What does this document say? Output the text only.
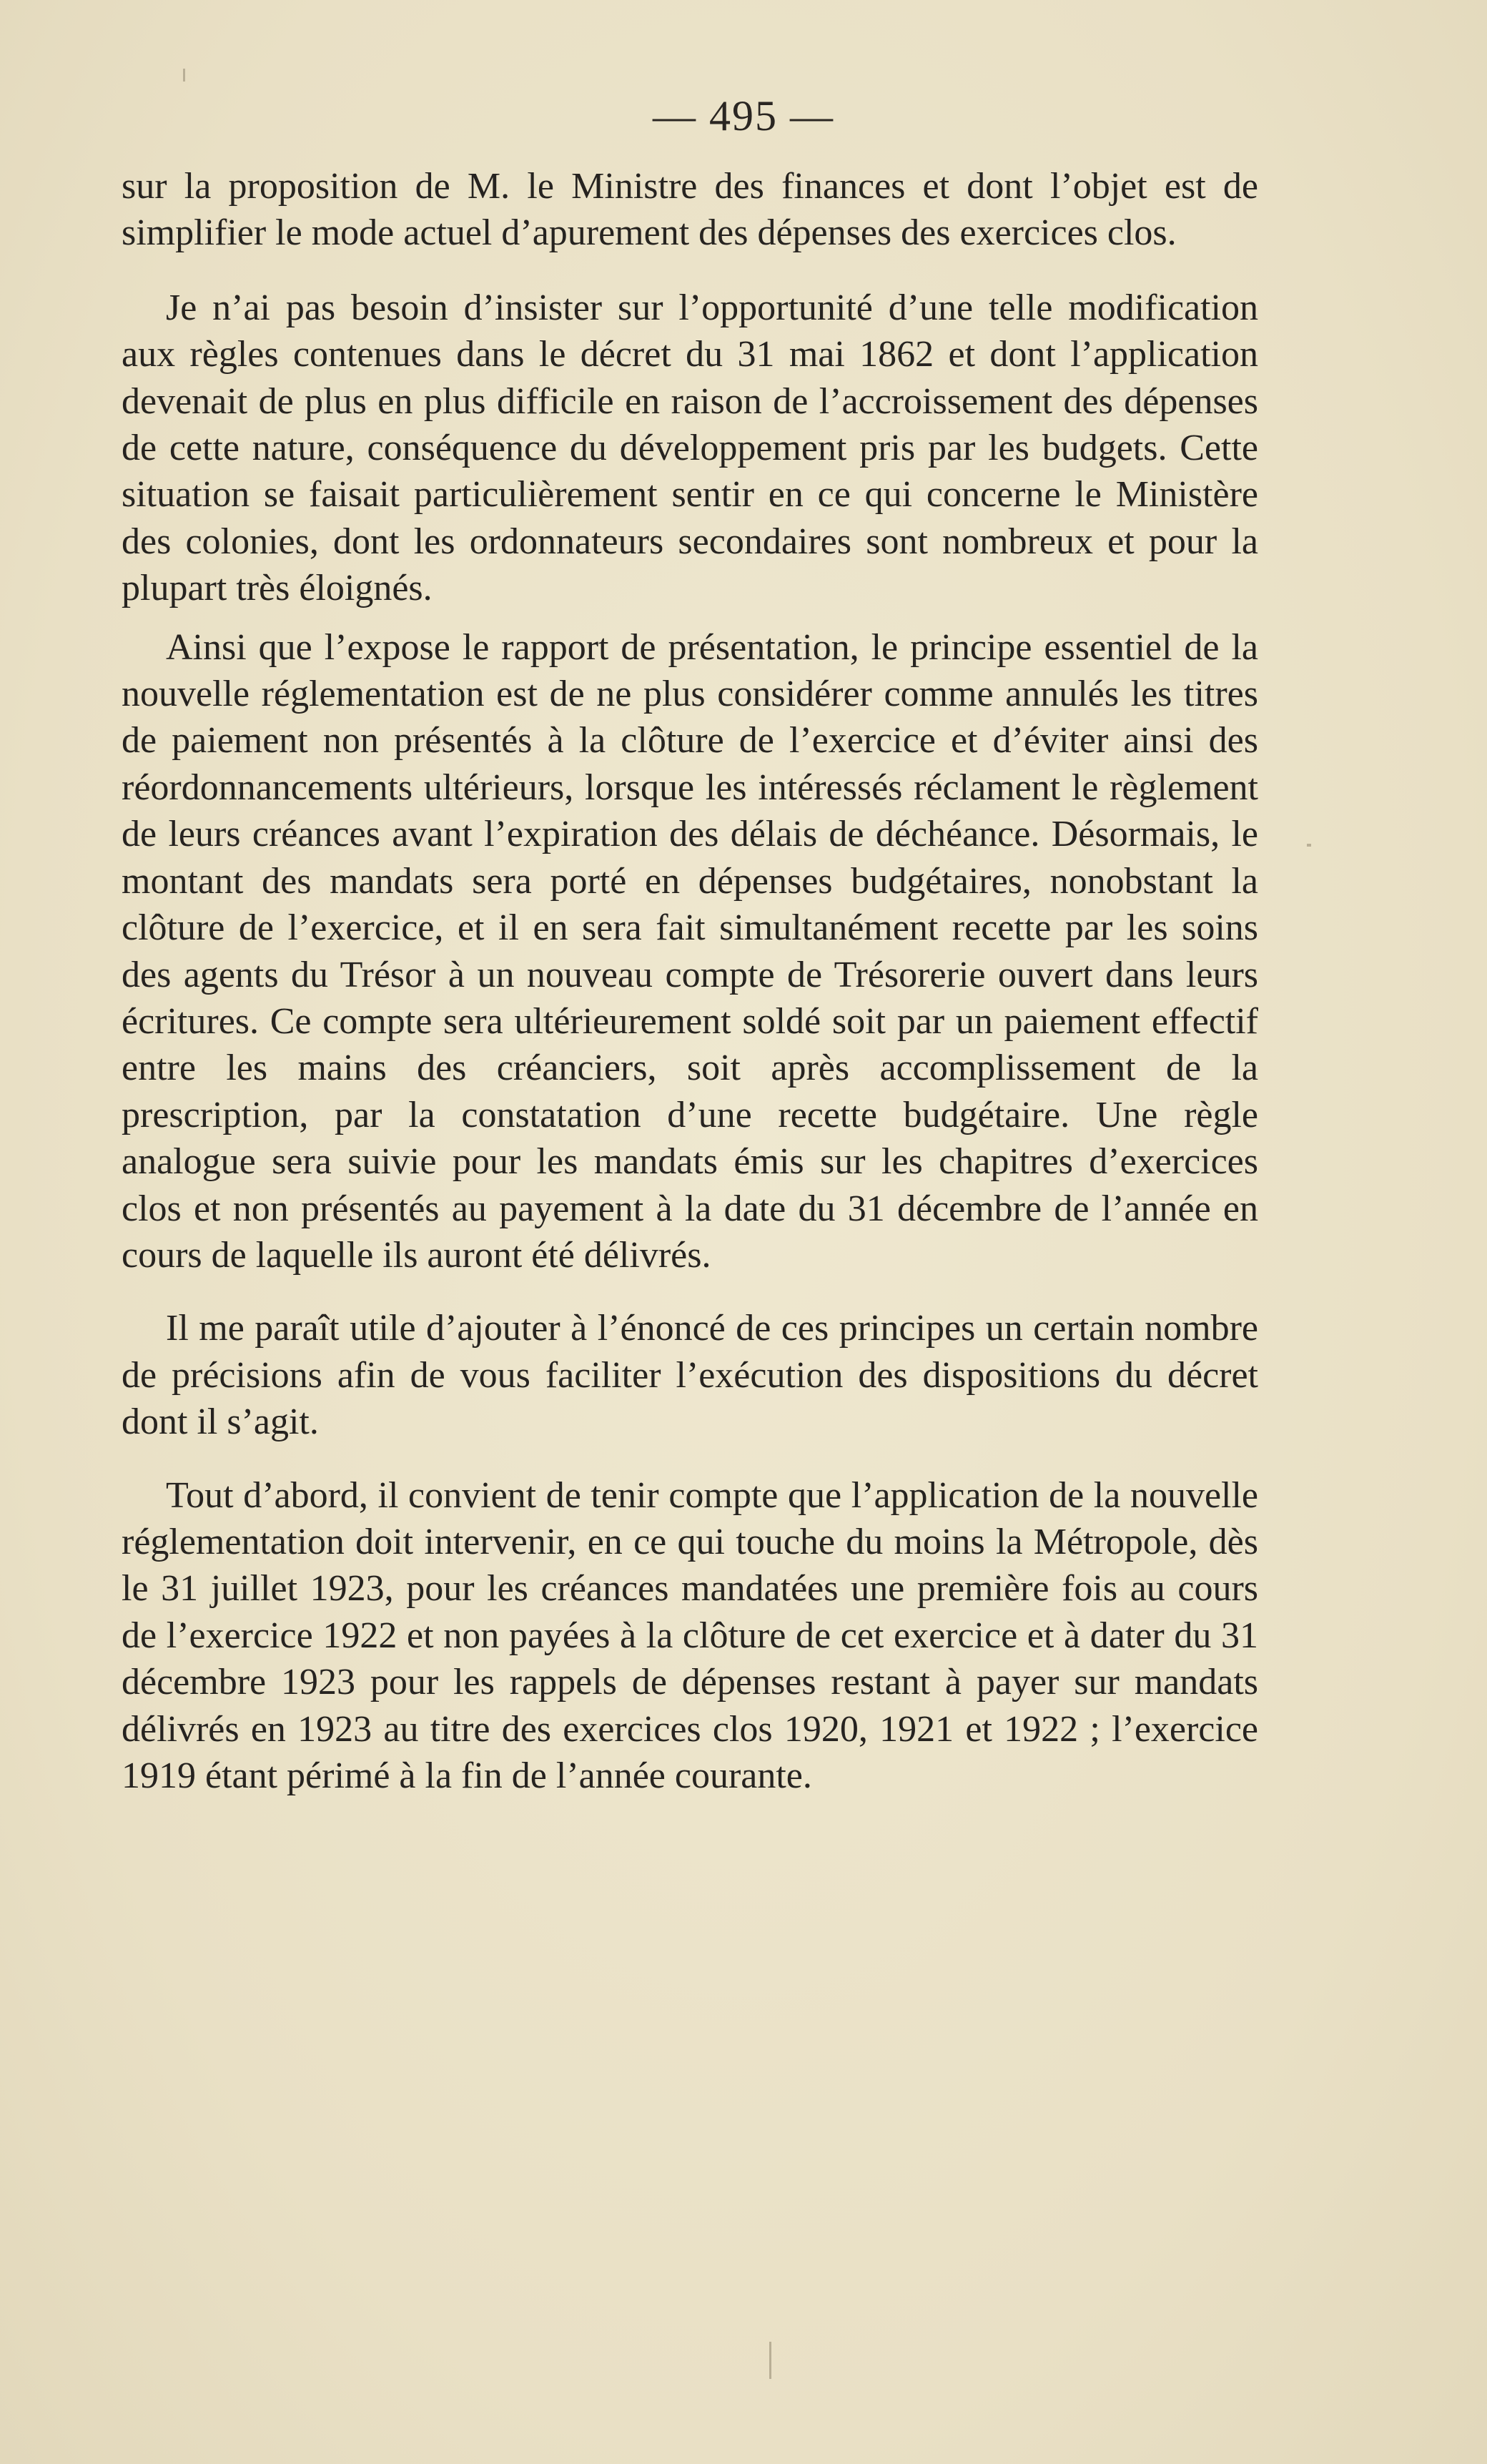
— 495 —

sur la proposition de M. le Ministre des finances et dont l’objet est de simplifier le mode actuel d’apurement des dépenses des exercices clos.

Je n’ai pas besoin d’insister sur l’opportunité d’une telle modification aux règles contenues dans le décret du 31 mai 1862 et dont l’application devenait de plus en plus difficile en raison de l’accroissement des dépenses de cette nature, conséquence du développement pris par les budgets. Cette situation se faisait particulièrement sentir en ce qui concerne le Ministère des colonies, dont les ordonnateurs secondaires sont nombreux et pour la plupart très éloignés.

Ainsi que l’expose le rapport de présentation, le principe essentiel de la nouvelle réglementation est de ne plus considérer comme annulés les titres de paiement non présentés à la clôture de l’exercice et d’éviter ainsi des réordonnancements ultérieurs, lorsque les intéressés réclament le règlement de leurs créances avant l’expiration des délais de déchéance. Désormais, le montant des mandats sera porté en dépenses budgétaires, nonobstant la clôture de l’exercice, et il en sera fait simultanément recette par les soins des agents du Trésor à un nouveau compte de Trésorerie ouvert dans leurs écritures. Ce compte sera ultérieurement soldé soit par un paiement effectif entre les mains des créanciers, soit après accomplissement de la prescription, par la constatation d’une recette budgétaire. Une règle analogue sera suivie pour les mandats émis sur les chapitres d’exercices clos et non présentés au payement à la date du 31 décembre de l’année en cours de laquelle ils auront été délivrés.

Il me paraît utile d’ajouter à l’énoncé de ces principes un certain nombre de précisions afin de vous faciliter l’exécution des dispositions du décret dont il s’agit.

Tout d’abord, il convient de tenir compte que l’application de la nouvelle réglementation doit intervenir, en ce qui touche du moins la Métropole, dès le 31 juillet 1923, pour les créances mandatées une première fois au cours de l’exercice 1922 et non payées à la clôture de cet exercice et à dater du 31 décembre 1923 pour les rappels de dépenses restant à payer sur mandats délivrés en 1923 au titre des exercices clos 1920, 1921 et 1922 ; l’exercice 1919 étant périmé à la fin de l’année courante.
